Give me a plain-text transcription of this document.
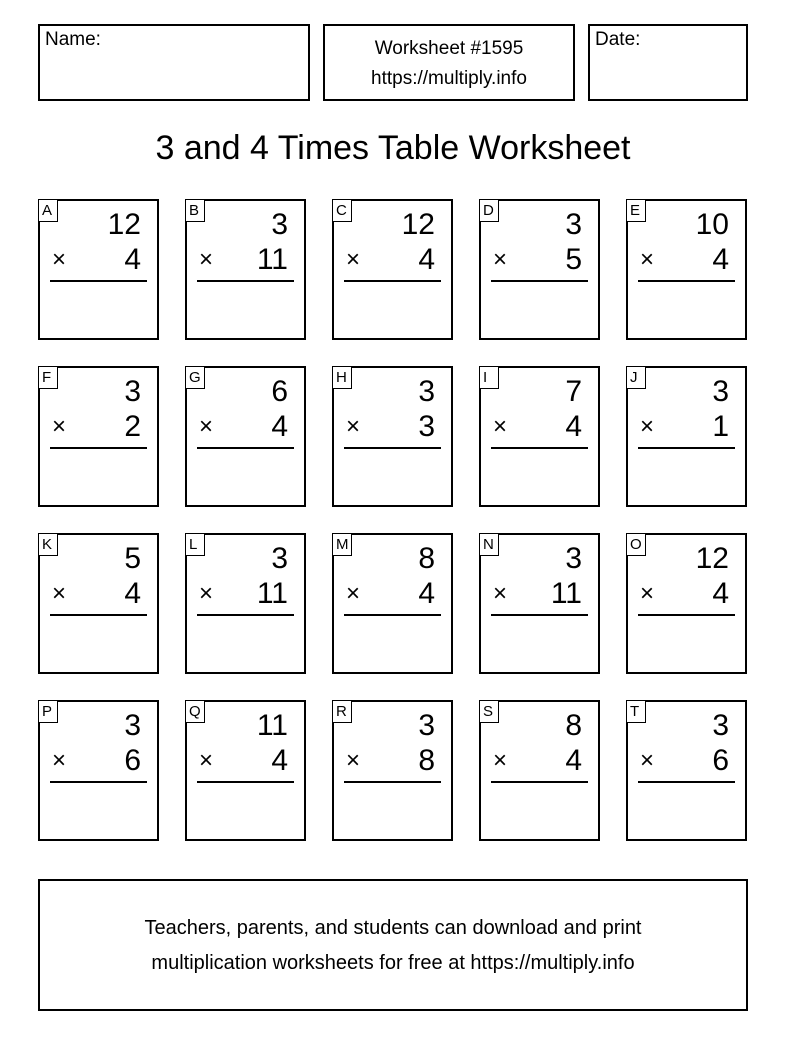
Name:	Worksheet #1595
https://multiply.info
Date:
3 and 4 Times Table Worksheet
A 12
× 4
B 3
× 11
C 12
× 4
D 3
× 5
E 10
× 4
F 3
× 2
G 6
× 4
H 3
× 3
I	7
× 4
J 3
× 1
K 5
× 4
L 3
× 11
M 8
× 4
N 3
× 11
O 12
× 4
P 3
× 6
Q 11
× 4
R 3
× 8
S 8
× 4
T 3
× 6
Teachers, parents, and students can download and print
multiplication worksheets for free at https://multiply.info
